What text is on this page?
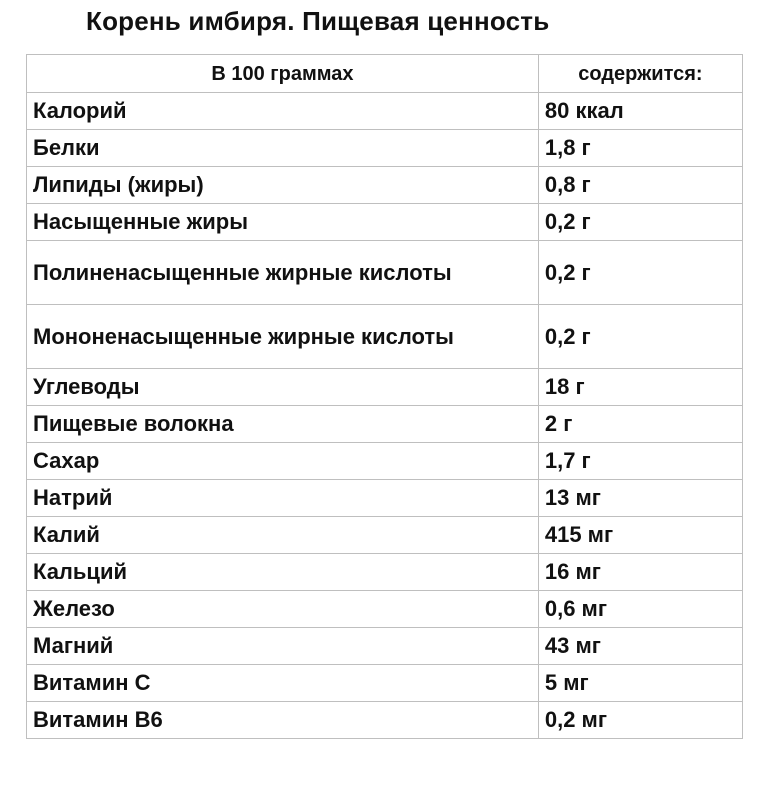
Корень имбиря. Пищевая ценность
В 100 граммах	содержится:
Калорий	80 ккал
Белки	1,8 г
Липиды (жиры)	0,8 г
Насыщенные жиры	0,2 г
Полиненасыщенные жирные кислоты	0,2 г
Мононенасыщенные жирные кислоты	0,2 г
Углеводы	18 г
Пищевые волокна	2 г
Сахар	1,7 г
Натрий	13 мг
Калий	415 мг
Кальций	16 мг
Железо	0,6 мг
Магний	43 мг
Витамин С	5 мг
Витамин В6	0,2 мг
